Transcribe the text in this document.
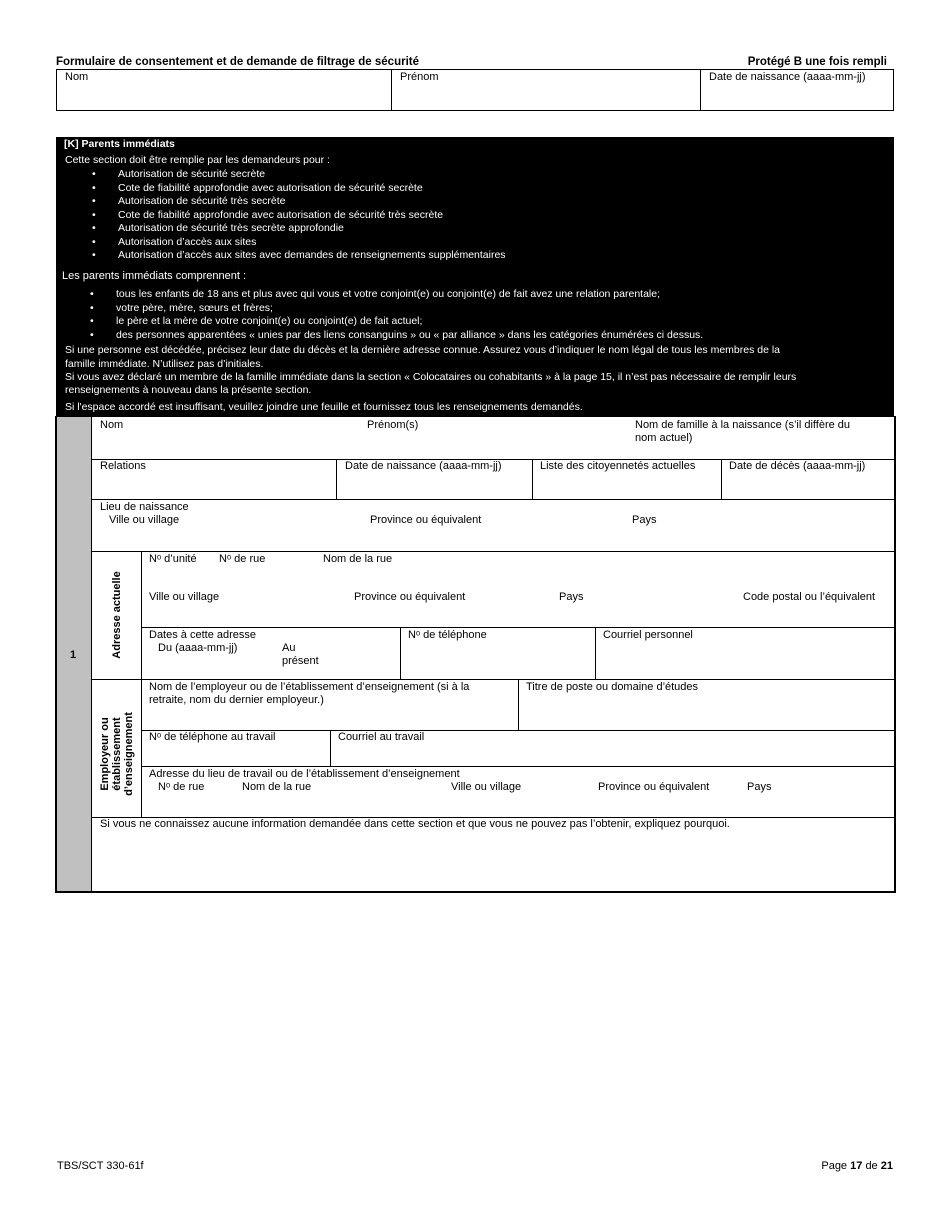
Formulaire de consentement et de demande de filtrage de sécurité	Protégé B une fois rempli
Nom	Prénom	Date de naissance (aaaa-mm-jj)
[K] Parents immédiats

Cette section doit être remplie par les demandeurs pour :

• Autorisation de sécurité secrète
• Cote de fiabilité approfondie avec autorisation de sécurité secrète
• Autorisation de sécurité très secrète
• Cote de fiabilité approfondie avec autorisation de sécurité très secrète
• Autorisation de sécurité très secrète approfondie
• Autorisation d’accès aux sites
• Autorisation d’accès aux sites avec demandes de renseignements supplémentaires

Les parents immédiats comprennent :

• tous les enfants de 18 ans et plus avec qui vous et votre conjoint(e) ou conjoint(e) de fait avez une relation parentale;
• votre père, mère, sœurs et frères;
• le père et la mère de votre conjoint(e) ou conjoint(e) de fait actuel;
• des personnes apparentées « unies par des liens consanguins » ou « par alliance » dans les catégories énumérées ci dessus.

Si une personne est décédée, précisez leur date du décès et la dernière adresse connue. Assurez vous d’indiquer le nom légal de tous les membres de la

famille immédiate. N’utilisez pas d’initiales.

Si vous avez déclaré un membre de la famille immédiate dans la section « Colocataires ou cohabitants » à la page 15, il n’est pas nécessaire de remplir leurs

renseignements à nouveau dans la présente section.

Si l'espace accordé est insuffisant, veuillez joindre une feuille et fournissez tous les renseignements demandés.

1
Nom	Prénom(s)	Nom de famille à la naissance (s’il diffère du
nom actuel)
Relations	Date de naissance (aaaa-mm-jj)	Liste des citoyennetés actuelles	Date de décès (aaaa-mm-jj)
Lieu de naissance
Ville ou village	Province ou équivalent	Pays
Adresse actuelle
Nᵒ d’unité Nᵒ de rue	Nom de la rue
Ville ou village	Province ou équivalent	Pays	Code postal ou l’équivalent
Dates à cette adresse
Du (aaaa-mm-jj)	Au
présent
Nᵒ de téléphone	Courriel personnel
Employeur ou établissement d’enseignement
Nom de l’employeur ou de l’établissement d’enseignement (si à la
retraite, nom du dernier employeur.)
Titre de poste ou domaine d’études
Nᵒ de téléphone au travail	Courriel au travail
Adresse du lieu de travail ou de l’établissement d’enseignement
Nᵒ de rue	Nom de la rue	Ville ou village	Province ou équivalent	Pays
Si vous ne connaissez aucune information demandée dans cette section et que vous ne pouvez pas l’obtenir, expliquez pourquoi.
TBS/SCT 330-61f	Page 17 de 21
